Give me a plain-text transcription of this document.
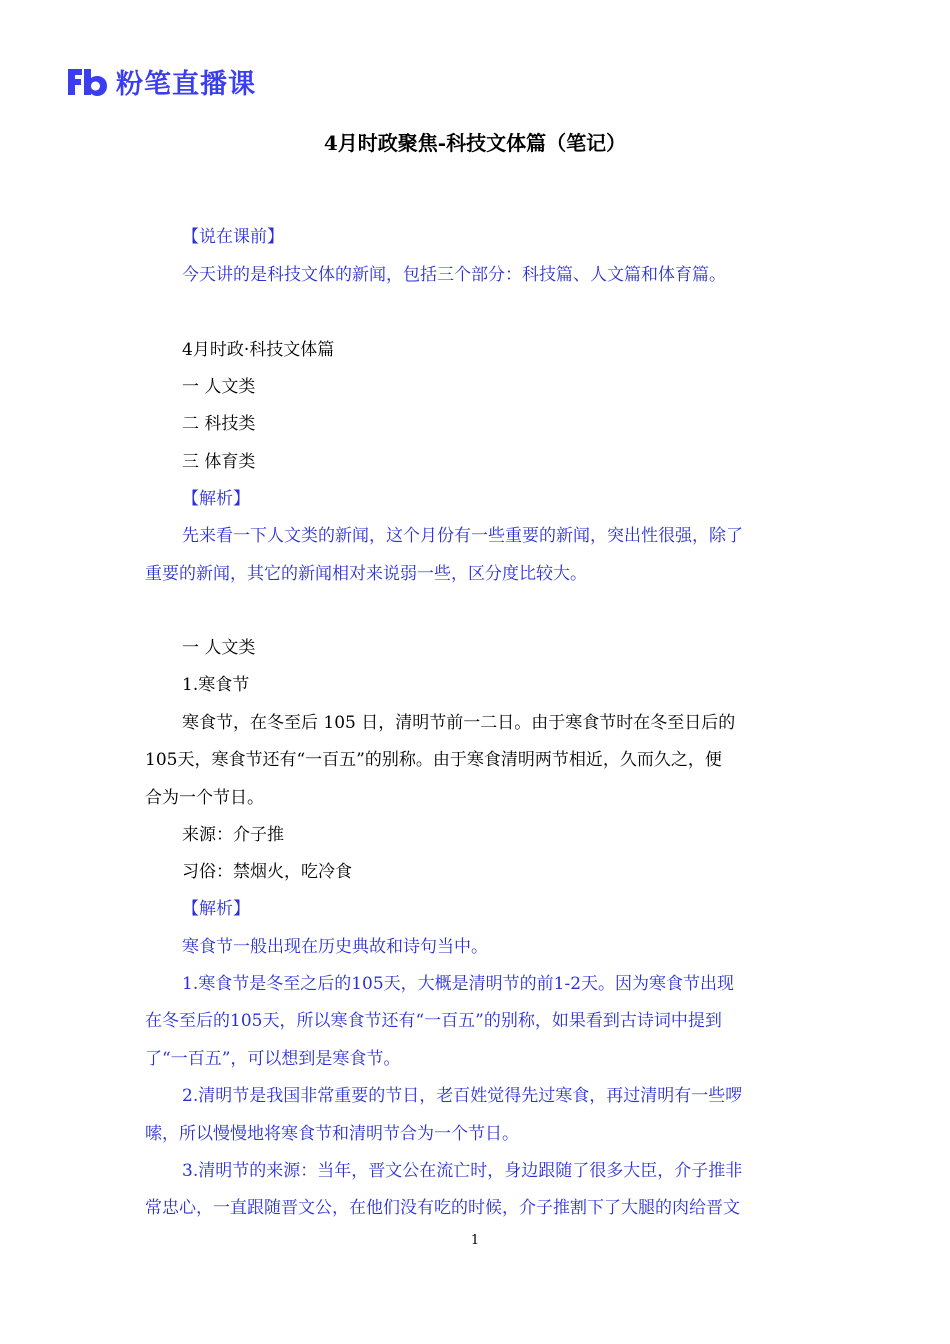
粉笔直播课
4月时政聚焦-科技文体篇（笔记）
【说在课前】
今天讲的是科技文体的新闻，包括三个部分：科技篇、人文篇和体育篇。
4月时政·科技文体篇
一 人文类
二 科技类
三 体育类
【解析】
先来看一下人文类的新闻，这个月份有一些重要的新闻，突出性很强，除了
重要的新闻，其它的新闻相对来说弱一些，区分度比较大。
一 人文类
1.寒食节
寒食节，在冬至后 105 日，清明节前一二日。由于寒食节时在冬至日后的
105天，寒食节还有“一百五”的别称。由于寒食清明两节相近，久而久之，便
合为一个节日。
来源：介子推
习俗：禁烟火，吃冷食
【解析】
寒食节一般出现在历史典故和诗句当中。
1.寒食节是冬至之后的105天，大概是清明节的前1-2天。因为寒食节出现
在冬至后的105天，所以寒食节还有“一百五”的别称，如果看到古诗词中提到
了“一百五”，可以想到是寒食节。
2.清明节是我国非常重要的节日，老百姓觉得先过寒食，再过清明有一些啰
嗦，所以慢慢地将寒食节和清明节合为一个节日。
3.清明节的来源：当年，晋文公在流亡时，身边跟随了很多大臣，介子推非
常忠心，一直跟随晋文公，在他们没有吃的时候，介子推割下了大腿的肉给晋文
1
